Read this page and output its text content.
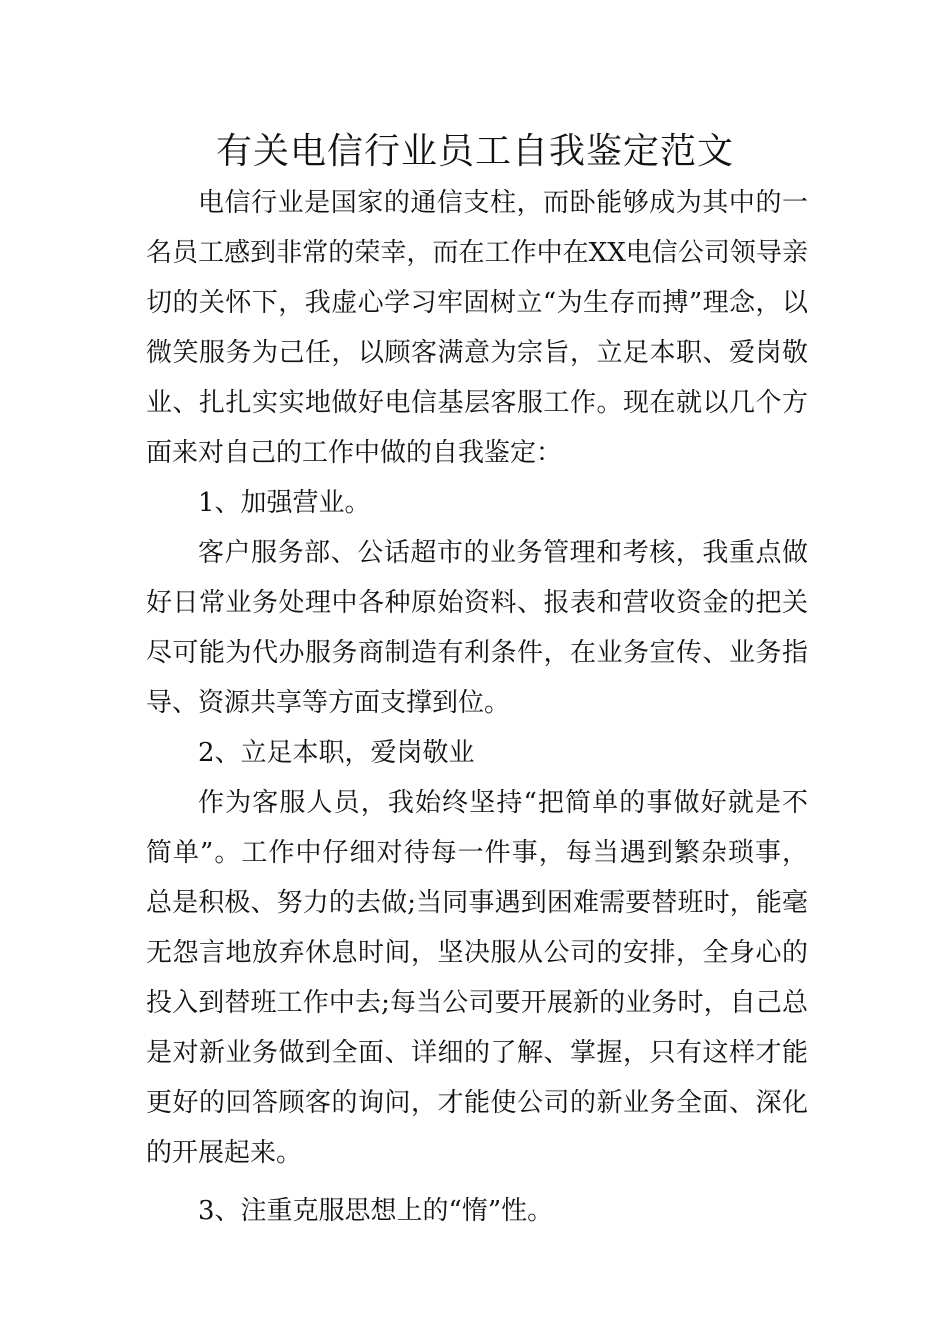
有关电信行业员工自我鉴定范文

电信行业是国家的通信支柱，而卧能够成为其中的一名员工感到非常的荣幸，而在工作中在XX电信公司领导亲切的关怀下，我虚心学习牢固树立“为生存而搏”理念，以微笑服务为己任，以顾客满意为宗旨，立足本职、爱岗敬业、扎扎实实地做好电信基层客服工作。现在就以几个方面来对自己的工作中做的自我鉴定：

1、加强营业。

客户服务部、公话超市的业务管理和考核，我重点做好日常业务处理中各种原始资料、报表和营收资金的把关尽可能为代办服务商制造有利条件，在业务宣传、业务指导、资源共享等方面支撑到位。

2、立足本职，爱岗敬业

作为客服人员，我始终坚持“把简单的事做好就是不简单”。工作中仔细对待每一件事，每当遇到繁杂琐事，总是积极、努力的去做;当同事遇到困难需要替班时，能毫无怨言地放弃休息时间，坚决服从公司的安排，全身心的投入到替班工作中去;每当公司要开展新的业务时，自己总是对新业务做到全面、详细的了解、掌握，只有这样才能更好的回答顾客的询问，才能使公司的新业务全面、深化的开展起来。

3、注重克服思想上的“惰”性。
